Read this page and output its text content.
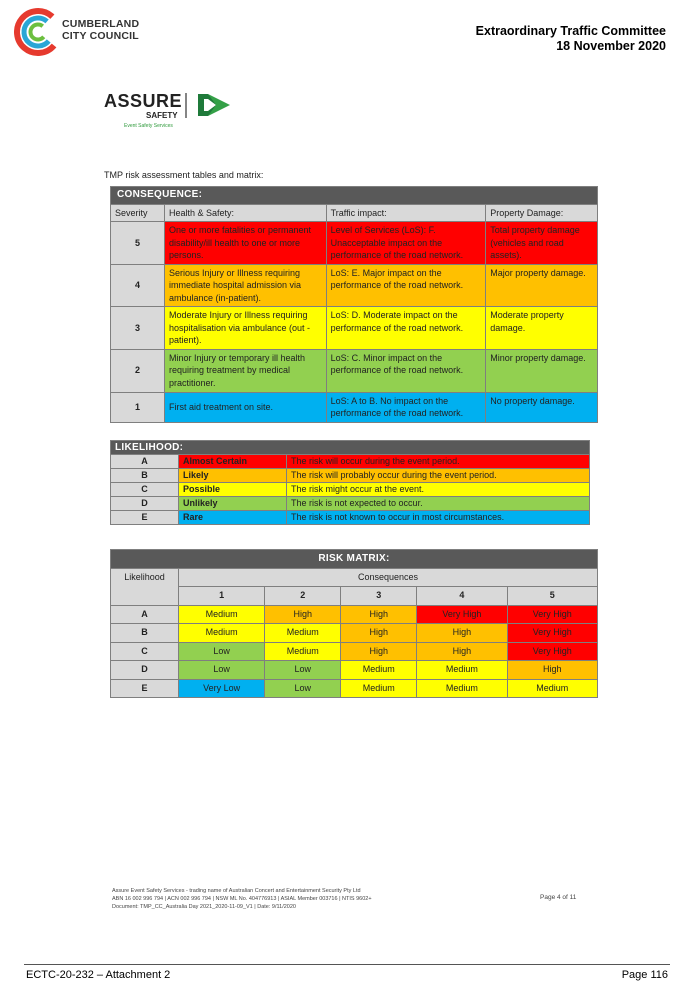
CUMBERLAND
CITY COUNCIL	Extraordinary Traffic Committee
18 November 2020
ASSURE
SAFETY
Event Safety Services
TMP risk assessment tables and matrix:
CONSEQUENCE:			
Severity	Health & Safety:	Traffic impact:	Property Damage:
5	One or more fatalities or permanent disability/ill health to one or more persons.	Level of Services (LoS): F. Unacceptable impact on the performance of the road network.	Total property damage (vehicles and road assets).
4	Serious Injury or Illness requiring immediate hospital admission via ambulance (in-patient).	LoS: E. Major impact on the performance of the road network.	Major property damage.
3	Moderate Injury or Illness requiring hospitalisation via ambulance (out -patient).	LoS: D. Moderate impact on the performance of the road network.	Moderate property damage.
2	Minor Injury or temporary ill health requiring treatment by medical practitioner.	LoS: C. Minor impact on the performance of the road network.	Minor property damage.
1	First aid treatment on site.	LoS: A to B. No impact on the performance of the road network.	No property damage.
LIKELIHOOD:		
A	Almost Certain	The risk will occur during the event period.
B	Likely	The risk will probably occur during the event period.
C	Possible	The risk might occur at the event.
D	Unlikely	The risk is not expected to occur.
E	Rare	The risk is not known to occur in most circumstances.
RISK MATRIX:					
Likelihood	Consequences				
	1	2	3	4	5
A	Medium	High	High	Very High	Very High
B	Medium	Medium	High	High	Very High
C	Low	Medium	High	High	Very High
D	Low	Low	Medium	Medium	High
E	Very Low	Low	Medium	Medium	Medium
Assure Event Safety Services - trading name of Australian Concert and Entertainment Security Pty Ltd
ABN 16 002 996 794 | ACN 002 996 794 | NSW ML No. 404776913 | ASIAL Member 003716 | NTIS 9602+
Document: TMP_CC_Australia Day 2021_2020-11-09_V1 | Date: 9/11/2020
Page 4 of 11
ECTC-20-232 – Attachment 2	Page 116
